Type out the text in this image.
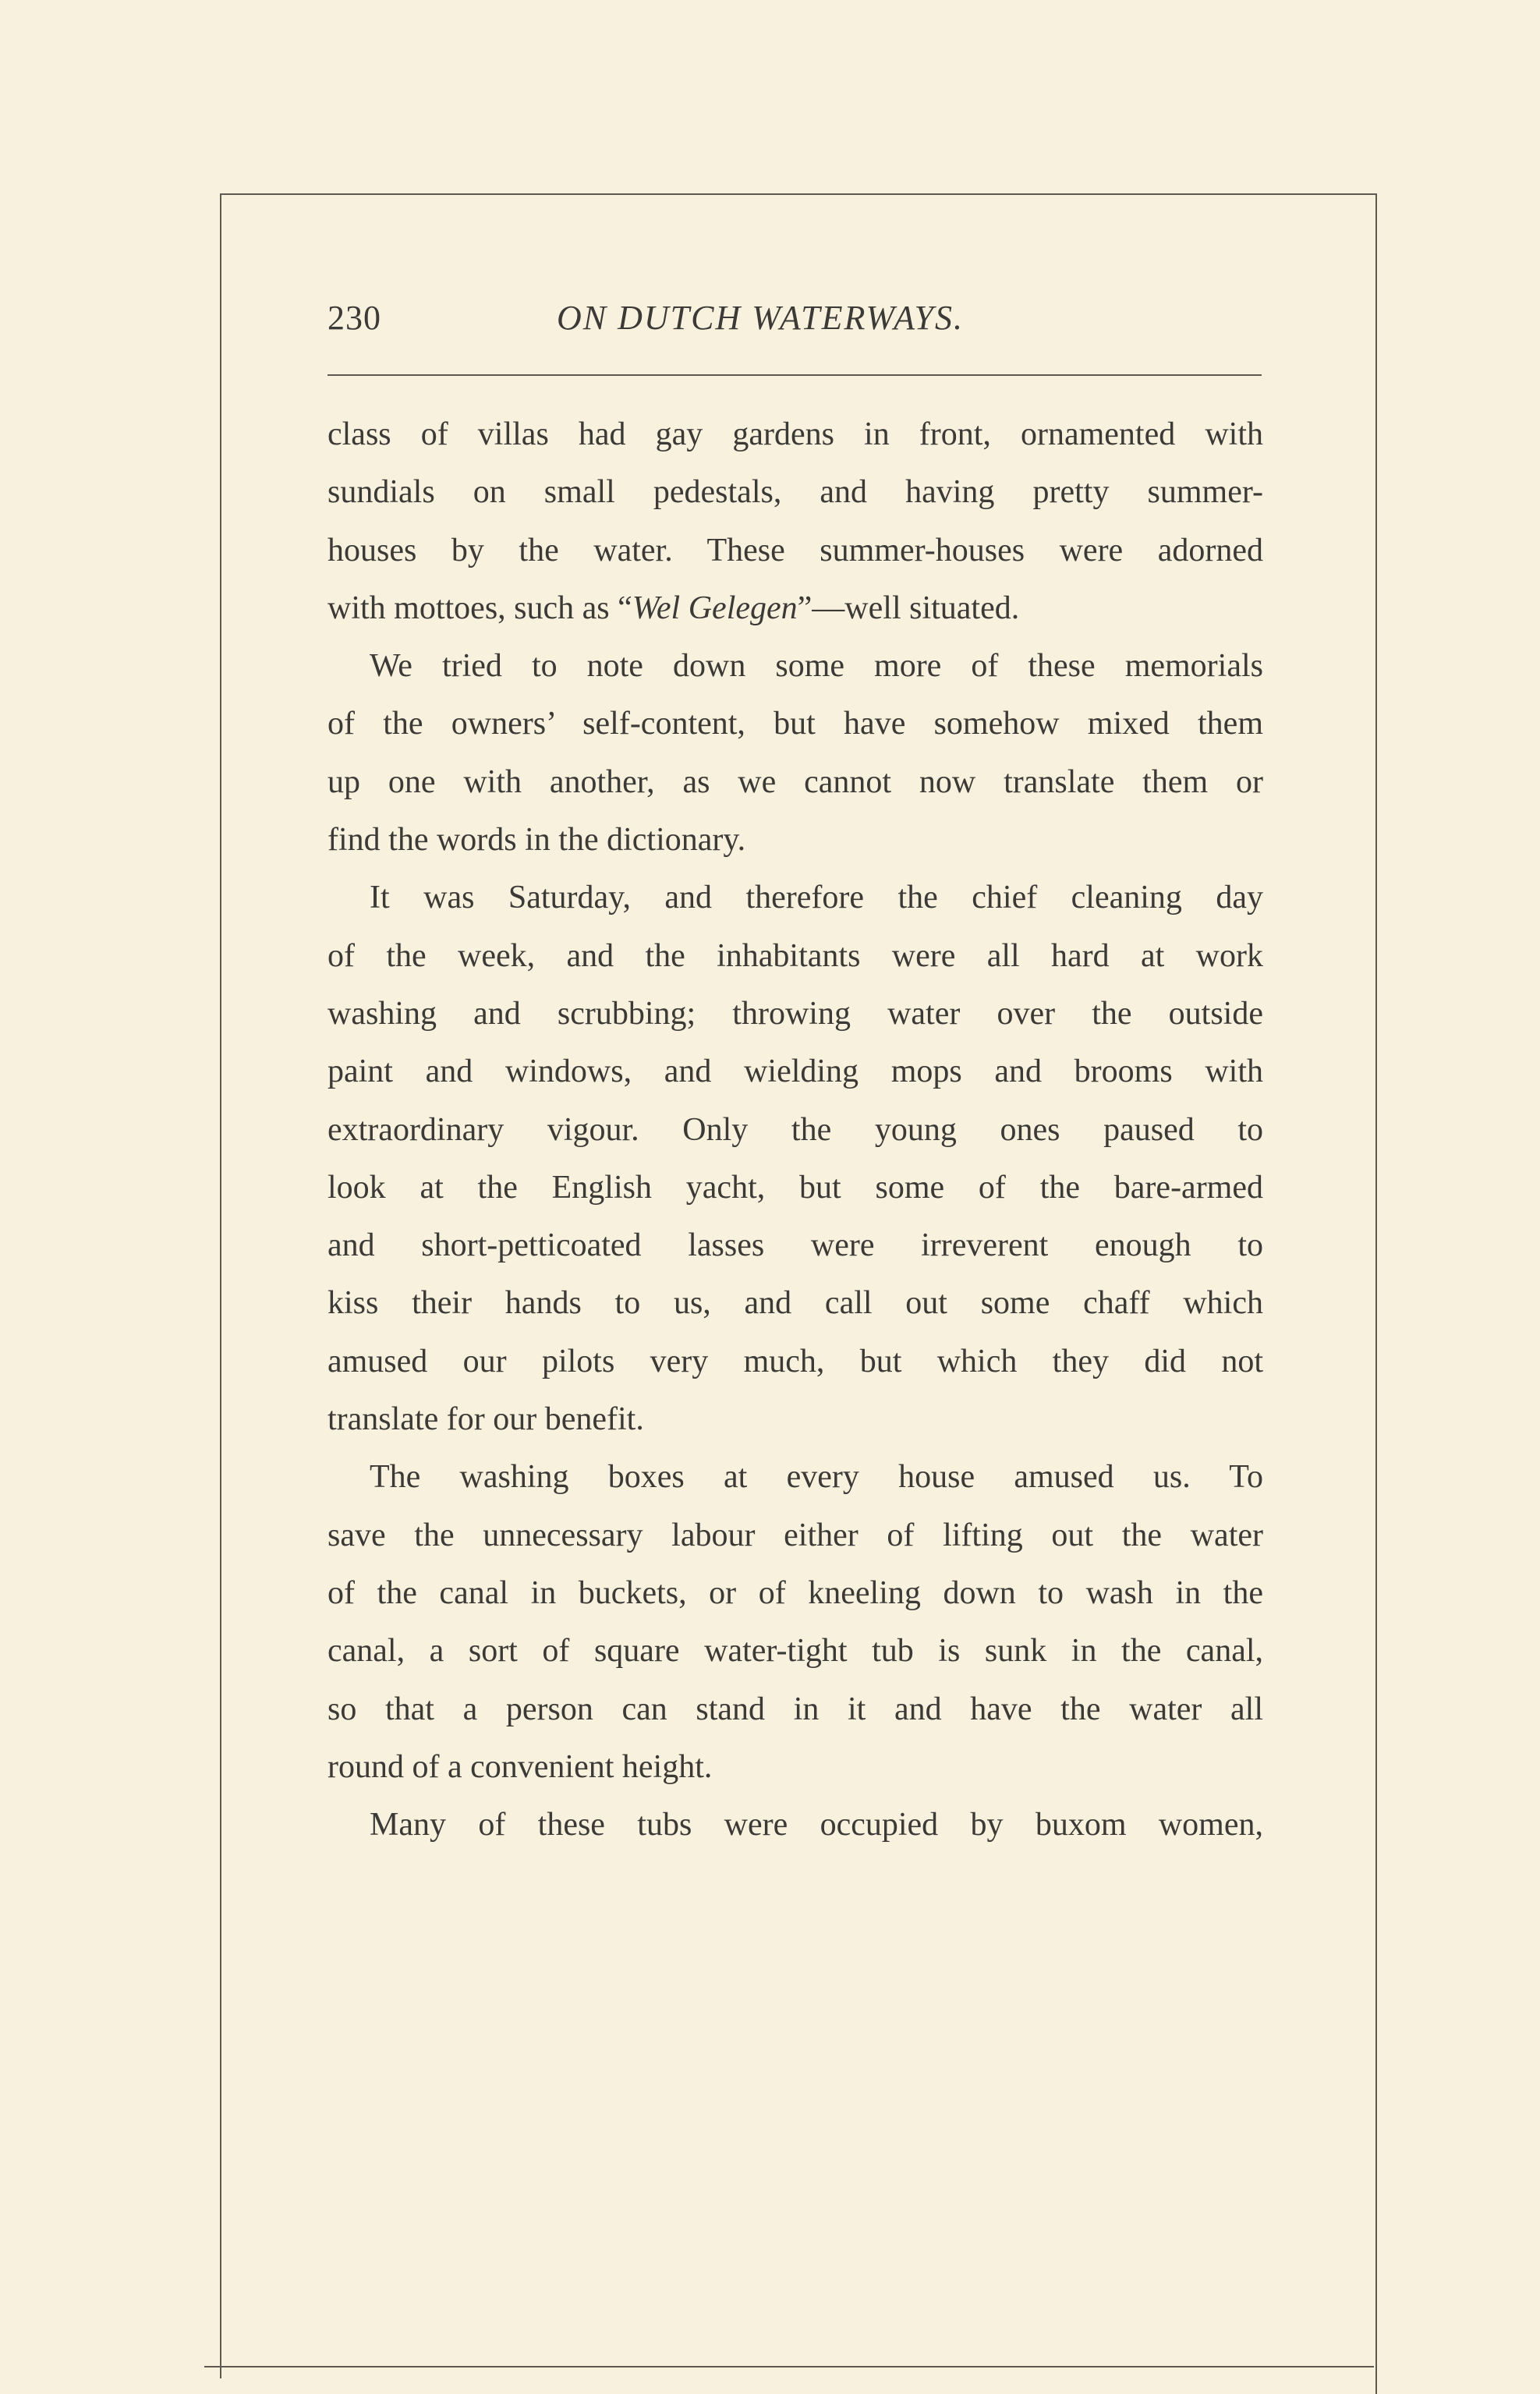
230	ON DUTCH WATERWAYS.
class of villas had gay gardens in front, ornamented with
sundials on small pedestals, and having pretty summer-
houses by the water. These summer-houses were adorned
with mottoes, such as “Wel Gelegen”—well situated.
We tried to note down some more of these memorials
of the owners’ self-content, but have somehow mixed them
up one with another, as we cannot now translate them or
find the words in the dictionary.
It was Saturday, and therefore the chief cleaning day
of the week, and the inhabitants were all hard at work
washing and scrubbing; throwing water over the outside
paint and windows, and wielding mops and brooms with
extraordinary vigour. Only the young ones paused to
look at the English yacht, but some of the bare-armed
and short-petticoated lasses were irreverent enough to
kiss their hands to us, and call out some chaff which
amused our pilots very much, but which they did not
translate for our benefit.
The washing boxes at every house amused us. To
save the unnecessary labour either of lifting out the water
of the canal in buckets, or of kneeling down to wash in the
canal, a sort of square water-tight tub is sunk in the canal,
so that a person can stand in it and have the water all
round of a convenient height.
Many of these tubs were occupied by buxom women,
